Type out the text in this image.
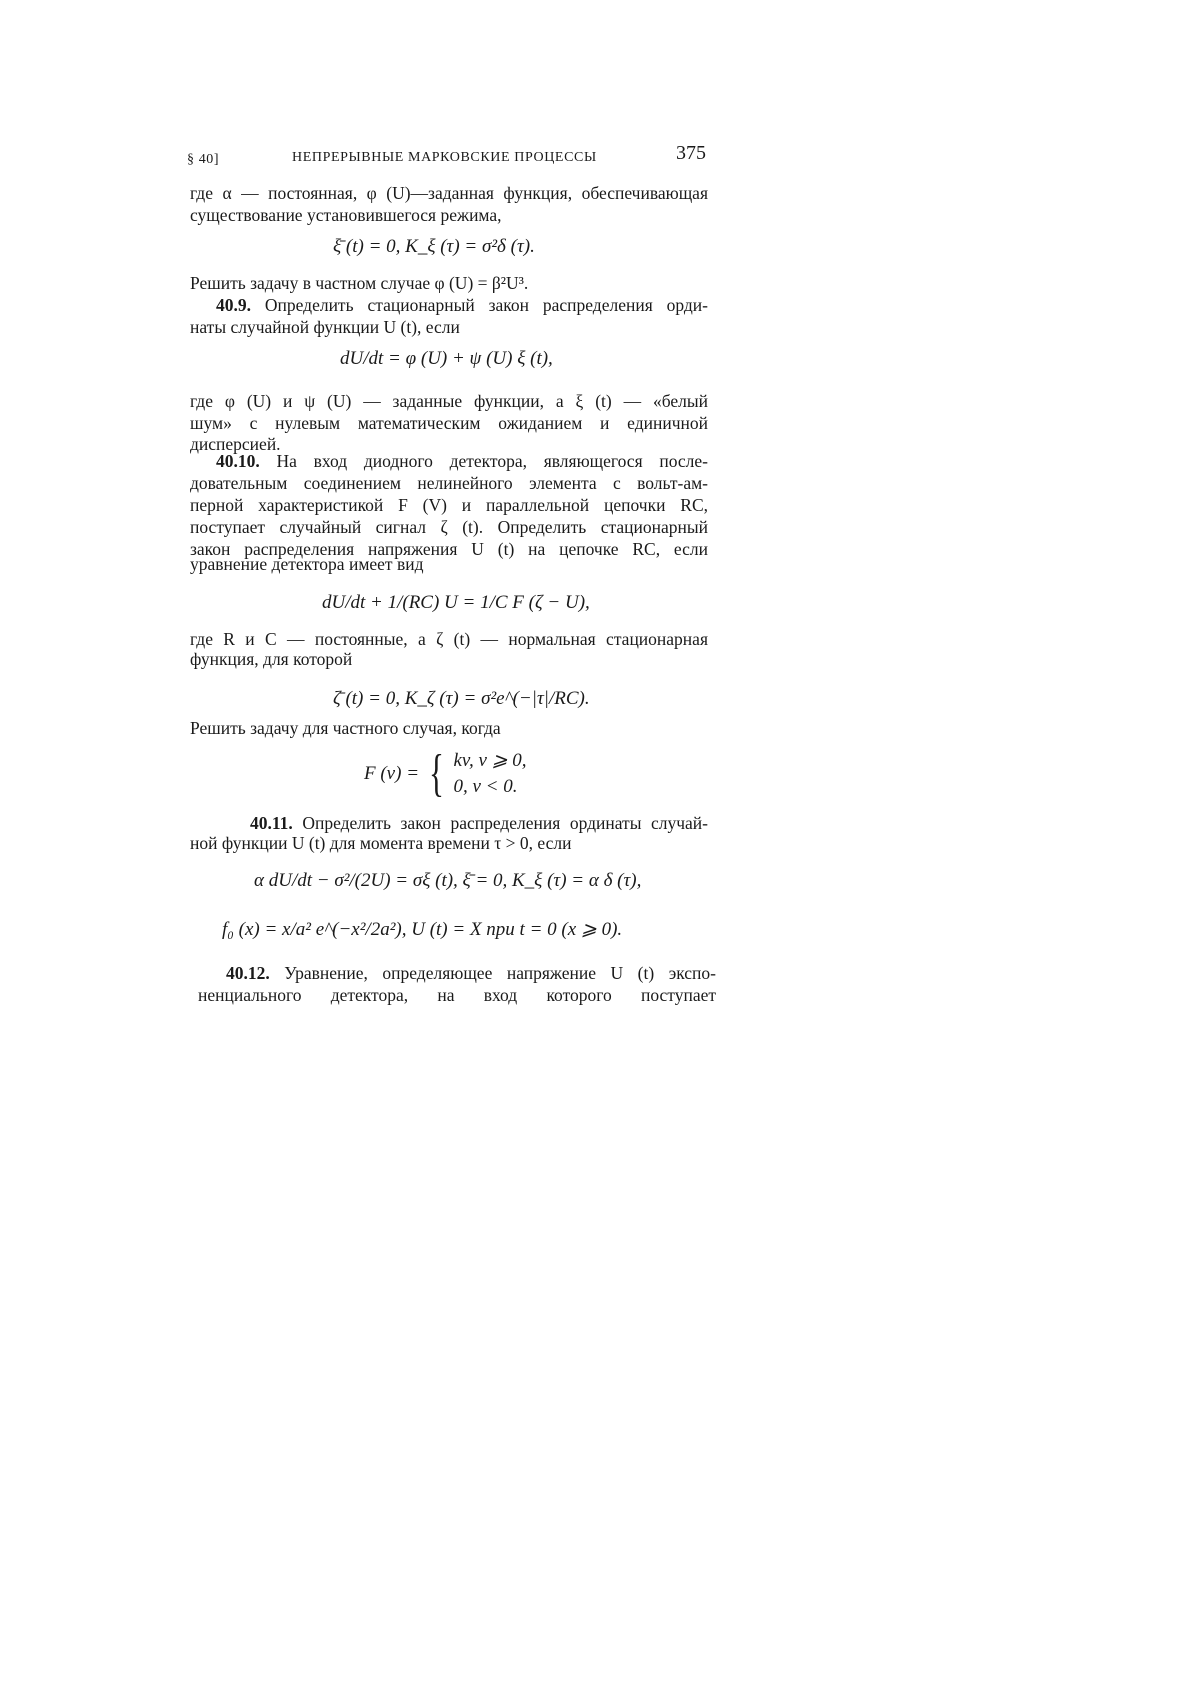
§ 40]	НЕПРЕРЫВНЫЕ МАРКОВСКИЕ ПРОЦЕССЫ	375
где α — постоянная, φ (U)—заданная функция, обеспечивающая
существование установившегося режима,
ξ̄ (t) = 0, K_ξ (τ) = σ²δ (τ).
Решить задачу в частном случае φ (U) = β²U³.
40.9. Определить стационарный закон распределения орди-
наты случайной функции U (t), если
dU/dt = φ (U) + ψ (U) ξ (t),
где φ (U) и ψ (U) — заданные функции, а ξ (t) — «белый
шум» с нулевым математическим ожиданием и единичной
дисперсией.
40.10. На вход диодного детектора, являющегося после-
довательным соединением нелинейного элемента с вольт-ам-
перной характеристикой F (V) и параллельной цепочки RC,
поступает случайный сигнал ζ (t). Определить стационарный
закон распределения напряжения U (t) на цепочке RC, если
уравнение детектора имеет вид
dU/dt + 1/(RC) U = 1/C F (ζ − U),
где R и C — постоянные, а ζ (t) — нормальная стационарная
функция, для которой
ζ̄ (t) = 0, K_ζ (τ) = σ²e^(−|τ|/RC).
Решить задачу для частного случая, когда
F (v) = { kv, v ⩾ 0,
0, v < 0.
40.11. Определить закон распределения ординаты случай-
ной функции U (t) для момента времени τ > 0, если
α dU/dt − σ²/(2U) = σξ (t), ξ̄ = 0, K_ξ (τ) = α δ (τ),
f₀ (x) = x/a² e^(−x²/2a²), U (t) = X при t = 0 (x ⩾ 0).
40.12. Уравнение, определяющее напряжение U (t) экспо-
ненциального детектора, на вход которого поступает
